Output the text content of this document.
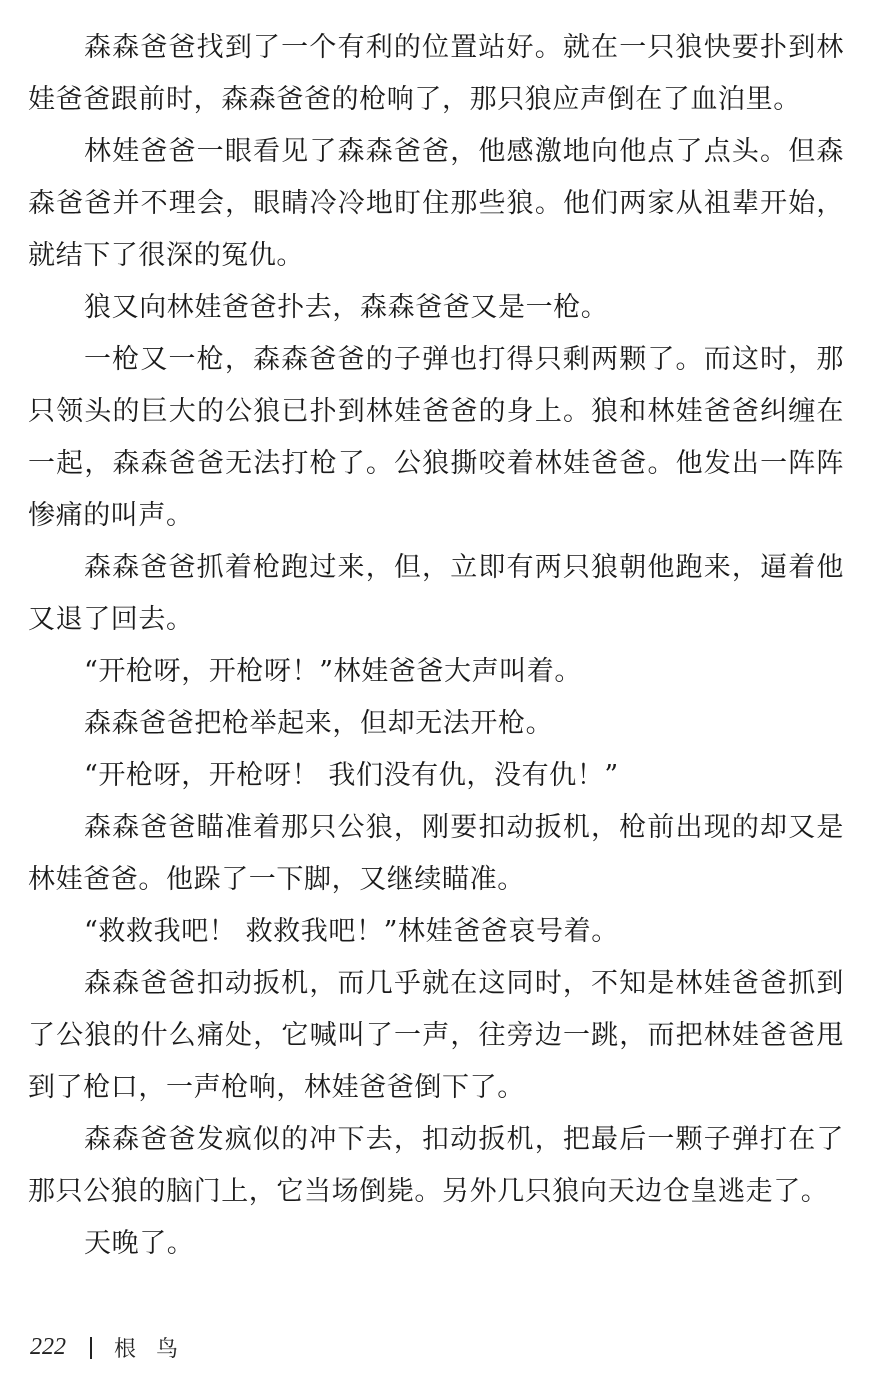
森森爸爸找到了一个有利的位置站好。就在一只狼快要扑到林娃爸爸跟前时，森森爸爸的枪响了，那只狼应声倒在了血泊里。

林娃爸爸一眼看见了森森爸爸，他感激地向他点了点头。但森森爸爸并不理会，眼睛冷冷地盯住那些狼。他们两家从祖辈开始，就结下了很深的冤仇。

狼又向林娃爸爸扑去，森森爸爸又是一枪。

一枪又一枪，森森爸爸的子弹也打得只剩两颗了。而这时，那只领头的巨大的公狼已扑到林娃爸爸的身上。狼和林娃爸爸纠缠在一起，森森爸爸无法打枪了。公狼撕咬着林娃爸爸。他发出一阵阵惨痛的叫声。

森森爸爸抓着枪跑过来，但，立即有两只狼朝他跑来，逼着他又退了回去。

“开枪呀，开枪呀！”林娃爸爸大声叫着。

森森爸爸把枪举起来，但却无法开枪。

“开枪呀，开枪呀！ 我们没有仇，没有仇！”

森森爸爸瞄准着那只公狼，刚要扣动扳机，枪前出现的却又是林娃爸爸。他跺了一下脚，又继续瞄准。

“救救我吧！ 救救我吧！”林娃爸爸哀号着。

森森爸爸扣动扳机，而几乎就在这同时，不知是林娃爸爸抓到了公狼的什么痛处，它喊叫了一声，往旁边一跳，而把林娃爸爸甩到了枪口，一声枪响，林娃爸爸倒下了。

森森爸爸发疯似的冲下去，扣动扳机，把最后一颗子弹打在了那只公狼的脑门上，它当场倒毙。另外几只狼向天边仓皇逃走了。

天晚了。

222 根鸟
